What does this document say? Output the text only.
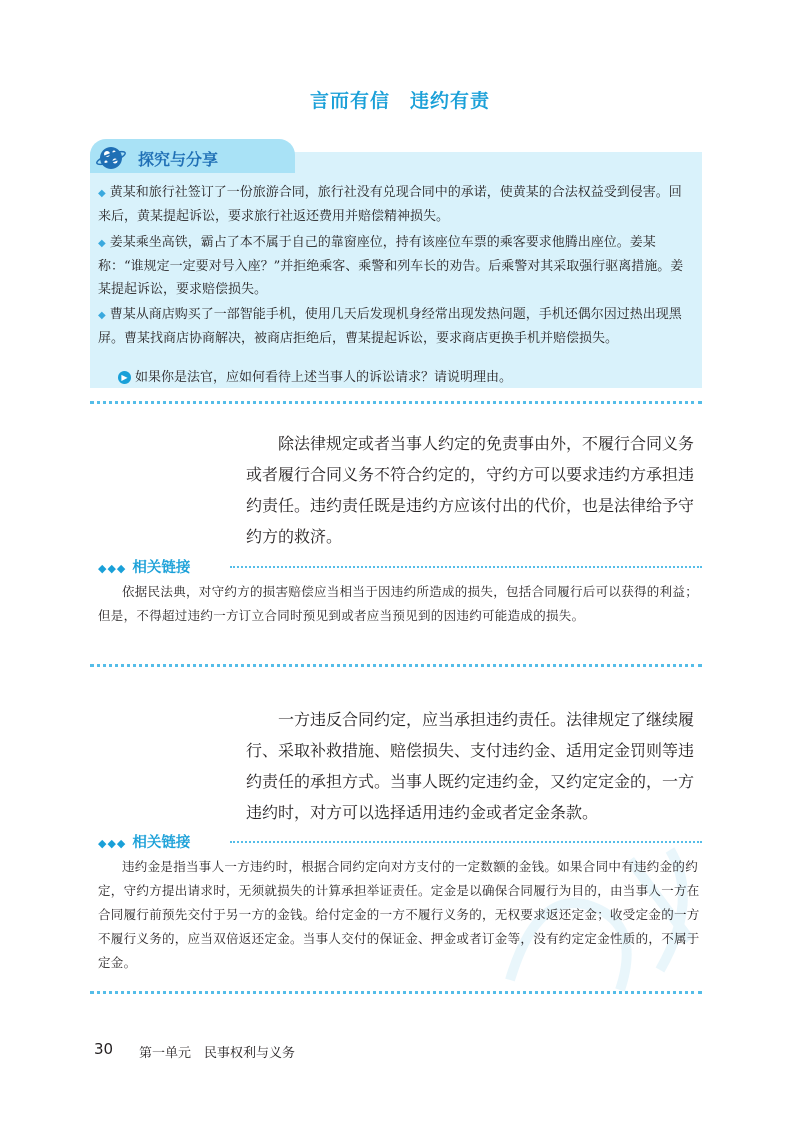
言而有信　违约有责
探究与分享

◆ 黄某和旅行社签订了一份旅游合同，旅行社没有兑现合同中的承诺，使黄某的合法权益受到侵害。回来后，黄某提起诉讼，要求旅行社返还费用并赔偿精神损失。

◆ 姜某乘坐高铁，霸占了本不属于自己的靠窗座位，持有该座位车票的乘客要求他腾出座位。姜某称：“谁规定一定要对号入座？”并拒绝乘客、乘警和列车长的劝告。后乘警对其采取强行驱离措施。姜某提起诉讼，要求赔偿损失。

◆ 曹某从商店购买了一部智能手机，使用几天后发现机身经常出现发热问题，手机还偶尔因过热出现黑屏。曹某找商店协商解决，被商店拒绝后，曹某提起诉讼，要求商店更换手机并赔偿损失。

▶ 如果你是法官，应如何看待上述当事人的诉讼请求？请说明理由。

除法律规定或者当事人约定的免责事由外，不履行合同义务或者履行合同义务不符合约定的，守约方可以要求违约方承担违约责任。违约责任既是违约方应该付出的代价，也是法律给予守约方的救济。

◆◆◆ 相关链接

依据民法典，对守约方的损害赔偿应当相当于因违约所造成的损失，包括合同履行后可以获得的利益；但是，不得超过违约一方订立合同时预见到或者应当预见到的因违约可能造成的损失。

一方违反合同约定，应当承担违约责任。法律规定了继续履行、采取补救措施、赔偿损失、支付违约金、适用定金罚则等违约责任的承担方式。当事人既约定违约金，又约定定金的，一方违约时，对方可以选择适用违约金或者定金条款。

◆◆◆ 相关链接

违约金是指当事人一方违约时，根据合同约定向对方支付的一定数额的金钱。如果合同中有违约金的约定，守约方提出请求时，无须就损失的计算承担举证责任。定金是以确保合同履行为目的，由当事人一方在合同履行前预先交付于另一方的金钱。给付定金的一方不履行义务的，无权要求返还定金；收受定金的一方不履行义务的，应当双倍返还定金。当事人交付的保证金、押金或者订金等，没有约定定金性质的，不属于定金。

30 第一单元　民事权利与义务
